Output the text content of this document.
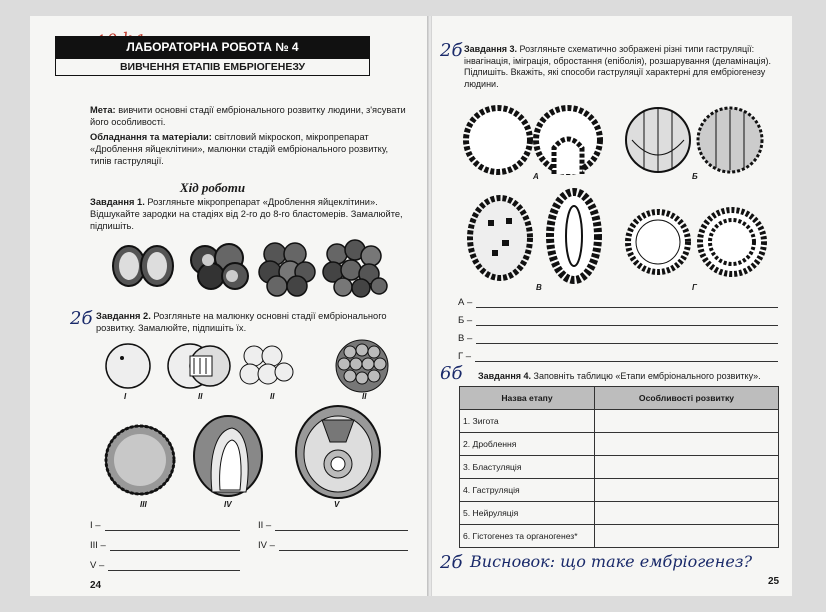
ЛАБОРАТОРНА РОБОТА № 4
ВИВЧЕННЯ ЕТАПІВ ЕМБРІОГЕНЕЗУ
Мета: вивчити основні стадії ембріонального розвитку людини, з'ясувати його особливості.
Обладнання та матеріали: світловий мікроскоп, мікропрепарат «Дроблення яйцеклітини», малюнки стадій ембріонального розвитку, типів гаструляції.
Хід роботи
Завдання 1. Розгляньте мікропрепарат «Дроблення яйцеклітини». Відшукайте зародки на стадіях від 2-го до 8-го бластомерів. Замалюйте, підпишіть.
2б Завдання 2. Розгляньте на малюнку основні стадії ембріонального розвитку. Замалюйте, підпишіть їх.
I	II	II	II
III	IV	V
I –	II –
III –	IV –
V –
24
2б Завдання 3. Розгляньте схематично зображені різні типи гаструляції: інвагінація, іміграція, обростання (епіболія), розшарування (деламінація). Підпишіть. Вкажіть, які способи гаструляції характерні для ембріогенезу людини.
А	Б
В	Г
А –
Б –
В –
Г –
6б Завдання 4. Заповніть таблицю «Етапи ембріонального розвитку».
Назва етапу	Особливості розвитку
1. Зигота	
2. Дроблення	
3. Бластуляція	
4. Гаструляція	
5. Нейруляція	
6. Гістогенез та органогенез*	
2б Висновок: що таке ембріогенез?
25
